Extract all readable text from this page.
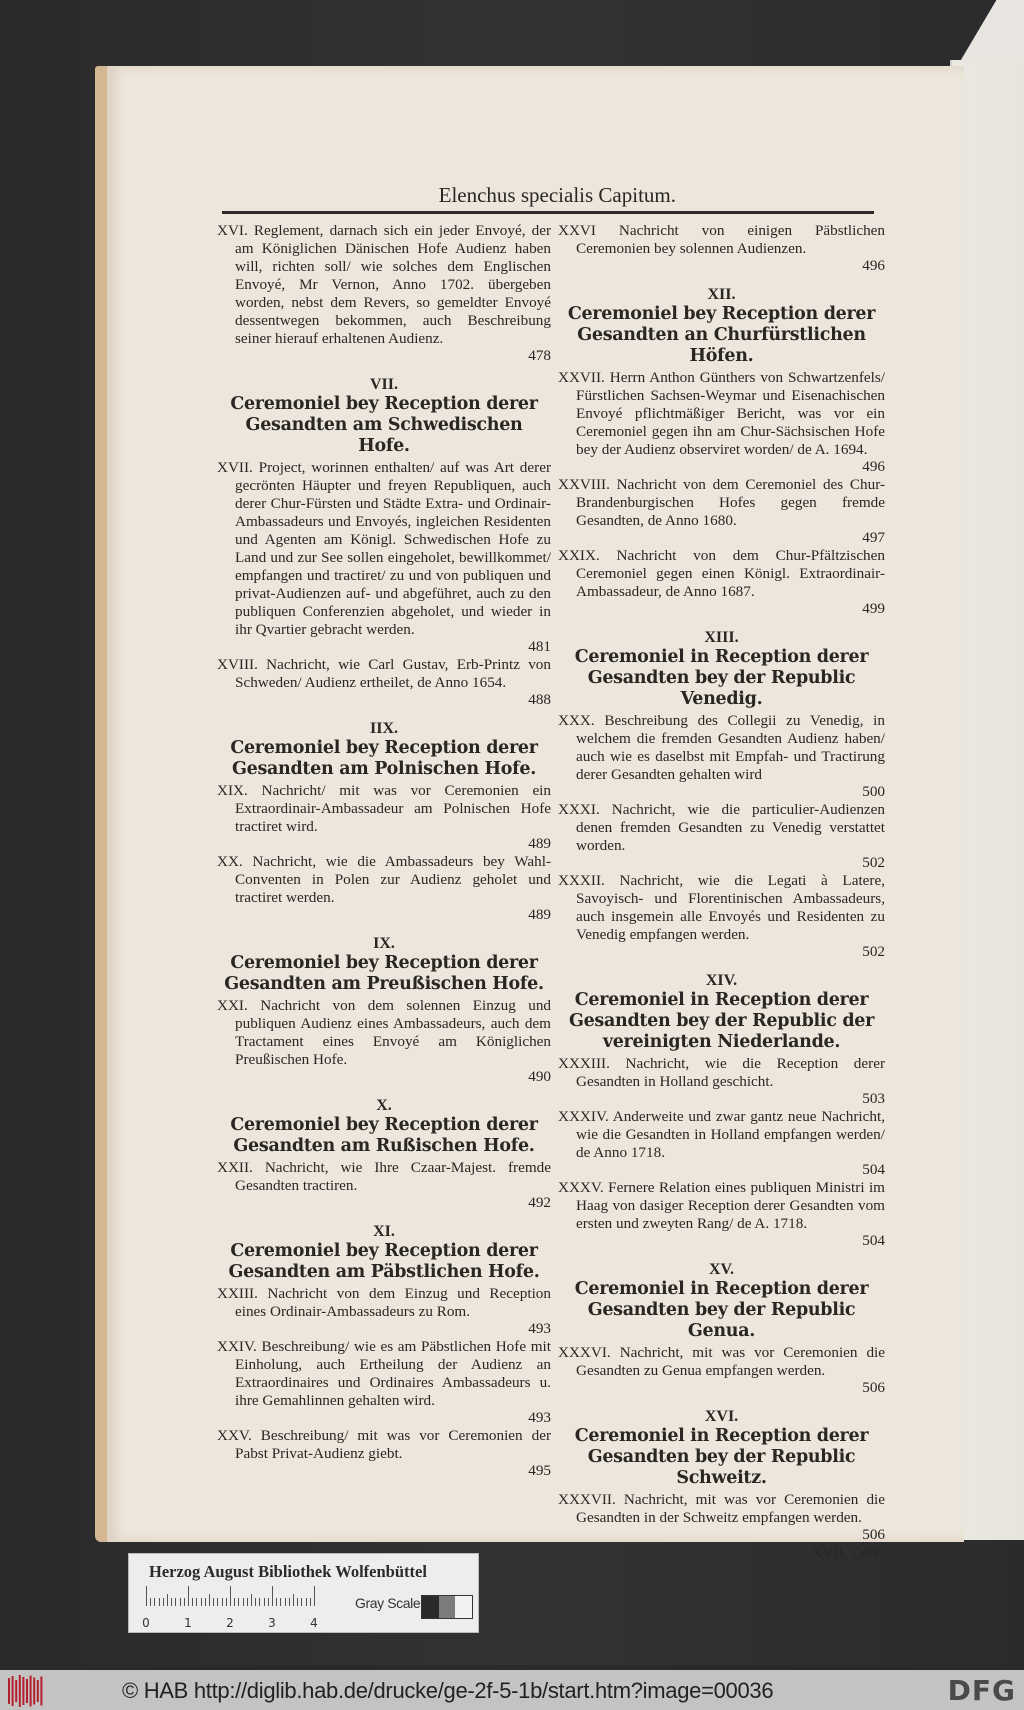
Elenchus specialis Capitum.
XVI. Reglement, darnach sich ein jeder Envoyé, der am Königlichen Dänischen Hofe Audienz haben will, richten soll/ wie solches dem Englischen Envoyé, Mr Vernon, Anno 1702. übergeben worden, nebst dem Revers, so gemeldter Envoyé dessentwegen bekommen, auch Beschreibung seiner hierauf erhaltenen Audienz.
478
VII.
Ceremoniel bey Reception derer Gesandten am Schwedischen Hofe.
XVII. Project, worinnen enthalten/ auf was Art derer gecrönten Häupter und freyen Republiquen, auch derer Chur-Fürsten und Städte Extra- und Ordinair-Ambassadeurs und Envoyés, ingleichen Residenten und Agenten am Königl. Schwedischen Hofe zu Land und zur See sollen eingeholet, bewillkommet/ empfangen und tractiret/ zu und von publiquen und privat-Audienzen auf- und abgeführet, auch zu den publiquen Conferenzien abgeholet, und wieder in ihr Qvartier gebracht werden.
481
XVIII. Nachricht, wie Carl Gustav, Erb-Printz von Schweden/ Audienz ertheilet, de Anno 1654.
488
IIX.
Ceremoniel bey Reception derer Gesandten am Polnischen Hofe.
XIX. Nachricht/ mit was vor Ceremonien ein Extraordinair-Ambassadeur am Polnischen Hofe tractiret wird.
489
XX. Nachricht, wie die Ambassadeurs bey Wahl-Conventen in Polen zur Audienz geholet und tractiret werden.
489
IX.
Ceremoniel bey Reception derer Gesandten am Preußischen Hofe.
XXI. Nachricht von dem solennen Einzug und publiquen Audienz eines Ambassadeurs, auch dem Tractament eines Envoyé am Königlichen Preußischen Hofe.
490
X.
Ceremoniel bey Reception derer Gesandten am Rußischen Hofe.
XXII. Nachricht, wie Ihre Czaar-Majest. fremde Gesandten tractiren.
492
XI.
Ceremoniel bey Reception derer Gesandten am Päbstlichen Hofe.
XXIII. Nachricht von dem Einzug und Reception eines Ordinair-Ambassadeurs zu Rom.
493
XXIV. Beschreibung/ wie es am Päbstlichen Hofe mit Einholung, auch Ertheilung der Audienz an Extraordinaires und Ordinaires Ambassadeurs u. ihre Gemahlinnen gehalten wird.
493
XXV. Beschreibung/ mit was vor Ceremonien der Pabst Privat-Audienz giebt.
495
XXVI Nachricht von einigen Päbstlichen Ceremonien bey solennen Audienzen.
496
XII.
Ceremoniel bey Reception derer Gesandten an Churfürstlichen Höfen.
XXVII. Herrn Anthon Günthers von Schwartzenfels/ Fürstlichen Sachsen-Weymar und Eisenachischen Envoyé pflichtmäßiger Bericht, was vor ein Ceremoniel gegen ihn am Chur-Sächsischen Hofe bey der Audienz observiret worden/ de A. 1694.
496
XXVIII. Nachricht von dem Ceremoniel des Chur-Brandenburgischen Hofes gegen fremde Gesandten, de Anno 1680.
497
XXIX. Nachricht von dem Chur-Pfältzischen Ceremoniel gegen einen Königl. Extraordinair-Ambassadeur, de Anno 1687.
499
XIII.
Ceremoniel in Reception derer Gesandten bey der Republic Venedig.
XXX. Beschreibung des Collegii zu Venedig, in welchem die fremden Gesandten Audienz haben/ auch wie es daselbst mit Empfah- und Tractirung derer Gesandten gehalten wird
500
XXXI. Nachricht, wie die particulier-Audienzen denen fremden Gesandten zu Venedig verstattet worden.
502
XXXII. Nachricht, wie die Legati à Latere, Savoyisch- und Florentinischen Ambassadeurs, auch insgemein alle Envoyés und Residenten zu Venedig empfangen werden.
502
XIV.
Ceremoniel in Reception derer Gesandten bey der Republic der vereinigten Niederlande.
XXXIII. Nachricht, wie die Reception derer Gesandten in Holland geschicht.
503
XXXIV. Anderweite und zwar gantz neue Nachricht, wie die Gesandten in Holland empfangen werden/ de Anno 1718.
504
XXXV. Fernere Relation eines publiquen Ministri im Haag von dasiger Reception derer Gesandten vom ersten und zweyten Rang/ de A. 1718.
504
XV.
Ceremoniel in Reception derer Gesandten bey der Republic Genua.
XXXVI. Nachricht, mit was vor Ceremonien die Gesandten zu Genua empfangen werden.
506
XVI.
Ceremoniel in Reception derer Gesandten bey der Republic Schweitz.
XXXVII. Nachricht, mit was vor Ceremonien die Gesandten in der Schweitz empfangen werden.
506
XVII. Cere-
Herzog August Bibliothek Wolfenbüttel
0	1	2	3	4
Gray Scale
© HAB http://diglib.hab.de/drucke/ge-2f-5-1b/start.htm?image=00036	DFG
